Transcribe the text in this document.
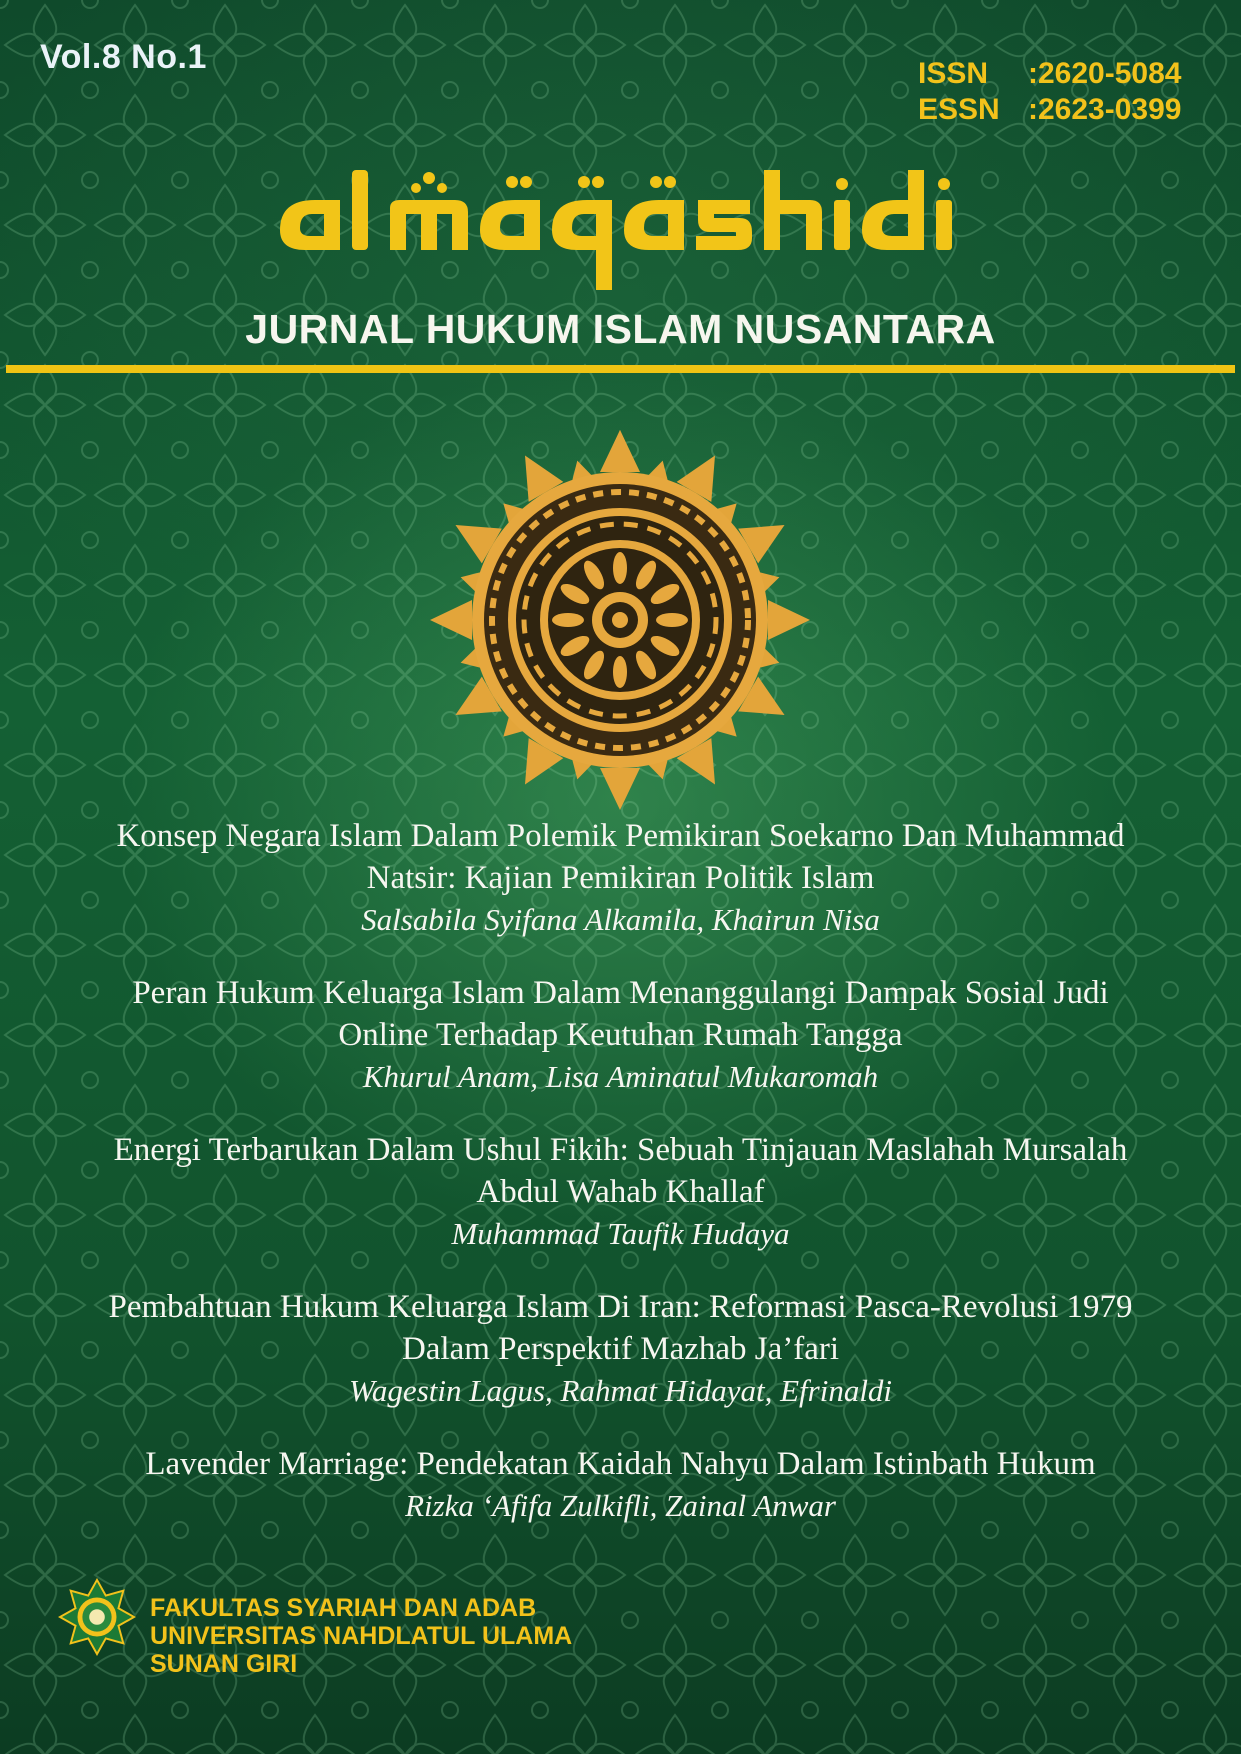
Vol.8 No.1	ISSN	:2620-5084
ESSN :2623-0399
JURNAL HUKUM ISLAM NUSANTARA
Konsep Negara Islam Dalam Polemik Pemikiran Soekarno Dan Muhammad
Natsir: Kajian Pemikiran Politik Islam
Salsabila Syifana Alkamila, Khairun Nisa
Peran Hukum Keluarga Islam Dalam Menanggulangi Dampak Sosial Judi
Online Terhadap Keutuhan Rumah Tangga
Khurul Anam, Lisa Aminatul Mukaromah
Energi Terbarukan Dalam Ushul Fikih: Sebuah Tinjauan Maslahah Mursalah
Abdul Wahab Khallaf
Muhammad Taufik Hudaya
Pembahtuan Hukum Keluarga Islam Di Iran: Reformasi Pasca-Revolusi 1979
Dalam Perspektif Mazhab Ja’fari
Wagestin Lagus, Rahmat Hidayat, Efrinaldi
Lavender Marriage: Pendekatan Kaidah Nahyu Dalam Istinbath Hukum
Rizka ‘Afifa Zulkifli, Zainal Anwar
FAKULTAS SYARIAH DAN ADAB
UNIVERSITAS NAHDLATUL ULAMA
SUNAN GIRI
